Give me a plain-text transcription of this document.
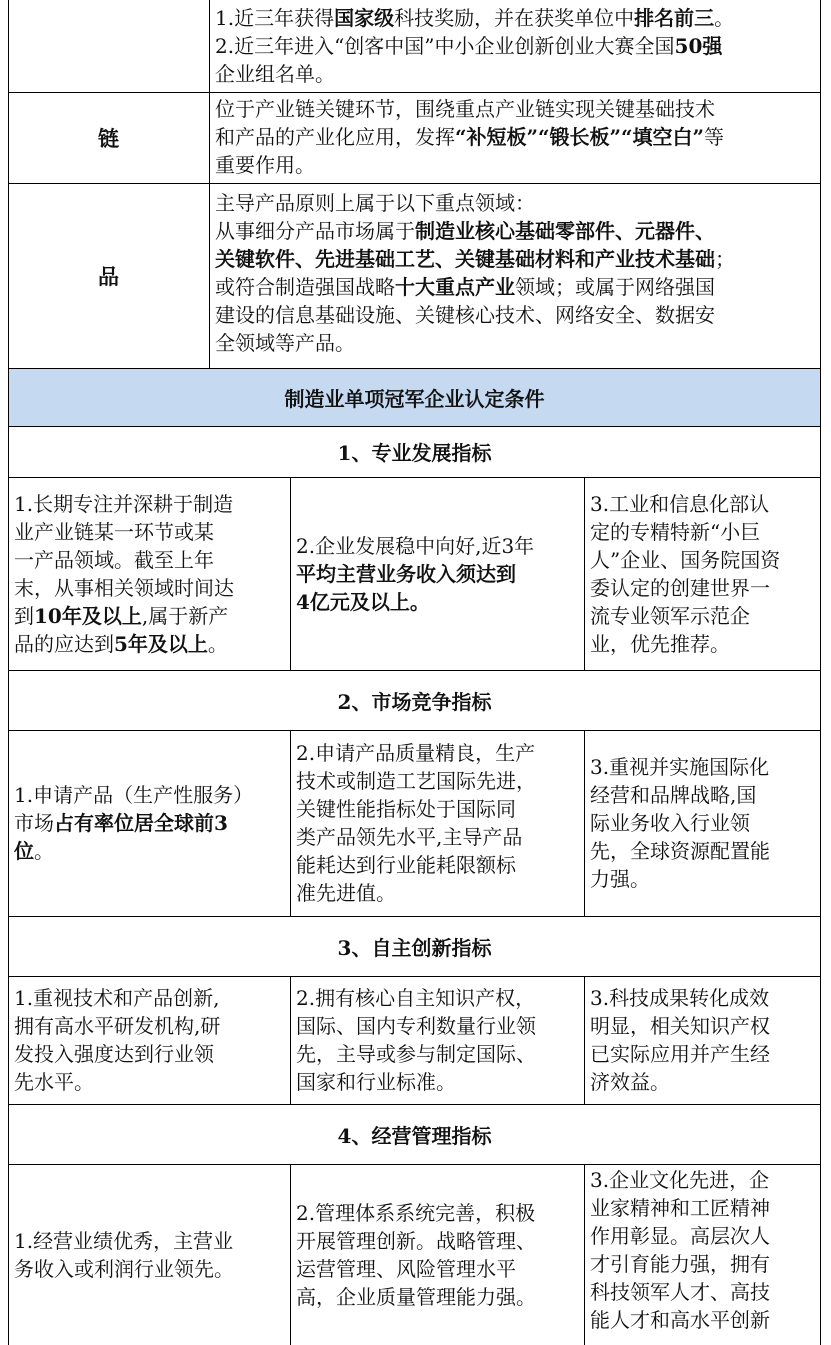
1.近三年获得国家级科技奖励，并在获奖单位中排名前三。
2.近三年进入“创客中国”中小企业创新创业大赛全国50强
企业组名单。
链
位于产业链关键环节，围绕重点产业链实现关键基础技术
和产品的产业化应用，发挥“补短板”“锻长板”“填空白”等
重要作用。
品
主导产品原则上属于以下重点领域：
从事细分产品市场属于制造业核心基础零部件、元器件、
关键软件、先进基础工艺、关键基础材料和产业技术基础；
或符合制造强国战略十大重点产业领域；或属于网络强国
建设的信息基础设施、关键核心技术、网络安全、数据安
全领域等产品。
制造业单项冠军企业认定条件
1、专业发展指标
1.长期专注并深耕于制造
业产业链某一环节或某
一产品领域。截至上年
末，从事相关领域时间达
到10年及以上,属于新产
品的应达到5年及以上。
2.企业发展稳中向好,近3年
平均主营业务收入须达到
4亿元及以上。
3.工业和信息化部认
定的专精特新“小巨
人”企业、国务院国资
委认定的创建世界一
流专业领军示范企
业，优先推荐。
2、市场竞争指标
1.申请产品（生产性服务）
市场占有率位居全球前3
位。
2.申请产品质量精良，生产
技术或制造工艺国际先进，
关键性能指标处于国际同
类产品领先水平,主导产品
能耗达到行业能耗限额标
准先进值。
3.重视并实施国际化
经营和品牌战略,国
际业务收入行业领
先，全球资源配置能
力强。
3、自主创新指标
1.重视技术和产品创新,
拥有高水平研发机构,研
发投入强度达到行业领
先水平。
2.拥有核心自主知识产权，
国际、国内专利数量行业领
先，主导或参与制定国际、
国家和行业标准。
3.科技成果转化成效
明显，相关知识产权
已实际应用并产生经
济效益。
4、经营管理指标
1.经营业绩优秀，主营业
务收入或利润行业领先。
2.管理体系系统完善，积极
开展管理创新。战略管理、
运营管理、风险管理水平
高，企业质量管理能力强。
3.企业文化先进，企
业家精神和工匠精神
作用彰显。高层次人
才引育能力强，拥有
科技领军人才、高技
能人才和高水平创新
